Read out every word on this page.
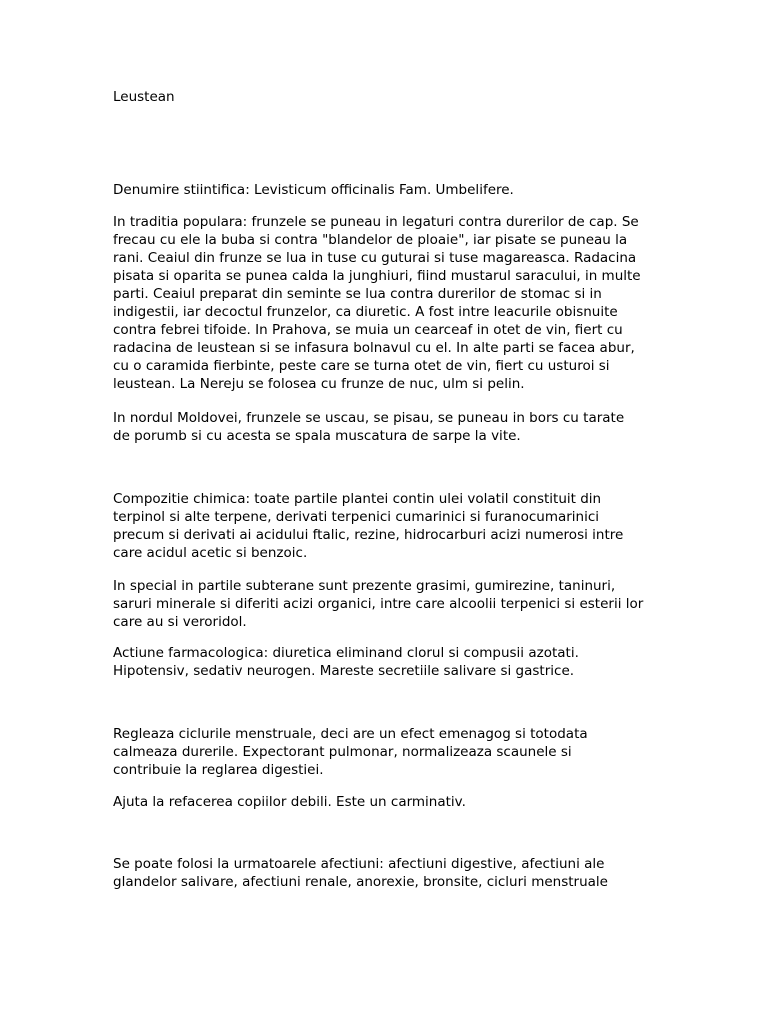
Leustean

Denumire stiintifica: Levisticum officinalis Fam. Umbelifere.

In traditia populara: frunzele se puneau in legaturi contra durerilor de cap. Se

frecau cu ele la buba si contra "blandelor de ploaie", iar pisate se puneau la

rani. Ceaiul din frunze se lua in tuse cu guturai si tuse magareasca. Radacina

pisata si oparita se punea calda la junghiuri, fiind mustarul saracului, in multe

parti. Ceaiul preparat din seminte se lua contra durerilor de stomac si in

indigestii, iar decoctul frunzelor, ca diuretic. A fost intre leacurile obisnuite

contra febrei tifoide. In Prahova, se muia un cearceaf in otet de vin, fiert cu

radacina de leustean si se infasura bolnavul cu el. In alte parti se facea abur,

cu o caramida fierbinte, peste care se turna otet de vin, fiert cu usturoi si

leustean. La Nereju se folosea cu frunze de nuc, ulm si pelin.

In nordul Moldovei, frunzele se uscau, se pisau, se puneau in bors cu tarate

de porumb si cu acesta se spala muscatura de sarpe la vite.

Compozitie chimica: toate partile plantei contin ulei volatil constituit din

terpinol si alte terpene, derivati terpenici cumarinici si furanocumarinici

precum si derivati ai acidului ftalic, rezine, hidrocarburi acizi numerosi intre

care acidul acetic si benzoic.

In special in partile subterane sunt prezente grasimi, gumirezine, taninuri,

saruri minerale si diferiti acizi organici, intre care alcoolii terpenici si esterii lor

care au si veroridol.

Actiune farmacologica: diuretica eliminand clorul si compusii azotati.

Hipotensiv, sedativ neurogen. Mareste secretiile salivare si gastrice.

Regleaza ciclurile menstruale, deci are un efect emenagog si totodata

calmeaza durerile. Expectorant pulmonar, normalizeaza scaunele si

contribuie la reglarea digestiei.

Ajuta la refacerea copiilor debili. Este un carminativ.

Se poate folosi la urmatoarele afectiuni: afectiuni digestive, afectiuni ale

glandelor salivare, afectiuni renale, anorexie, bronsite, cicluri menstruale
